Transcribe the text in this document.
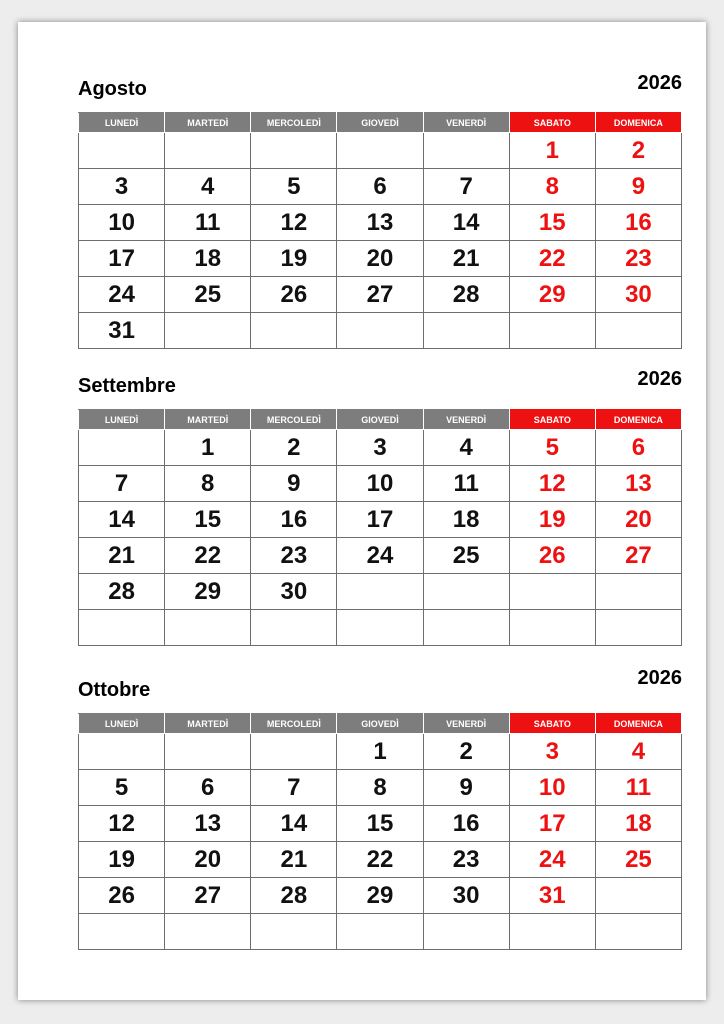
Agosto	2026
LUNEDÌ	MARTEDÌ	MERCOLEDÌ	GIOVEDÌ	VENERDÌ	SABATO	DOMENICA
					1	2
3	4	5	6	7	8	9
10	11	12	13	14	15	16
17	18	19	20	21	22	23
24	25	26	27	28	29	30
31						
Settembre	2026
LUNEDÌ	MARTEDÌ	MERCOLEDÌ	GIOVEDÌ	VENERDÌ	SABATO	DOMENICA
	1	2	3	4	5	6
7	8	9	10	11	12	13
14	15	16	17	18	19	20
21	22	23	24	25	26	27
28	29	30				

Ottobre
2026
LUNEDÌ	MARTEDÌ	MERCOLEDÌ	GIOVEDÌ	VENERDÌ	SABATO	DOMENICA
			1	2	3	4
5	6	7	8	9	10	11
12	13	14	15	16	17	18
19	20	21	22	23	24	25
26	27	28	29	30	31	
